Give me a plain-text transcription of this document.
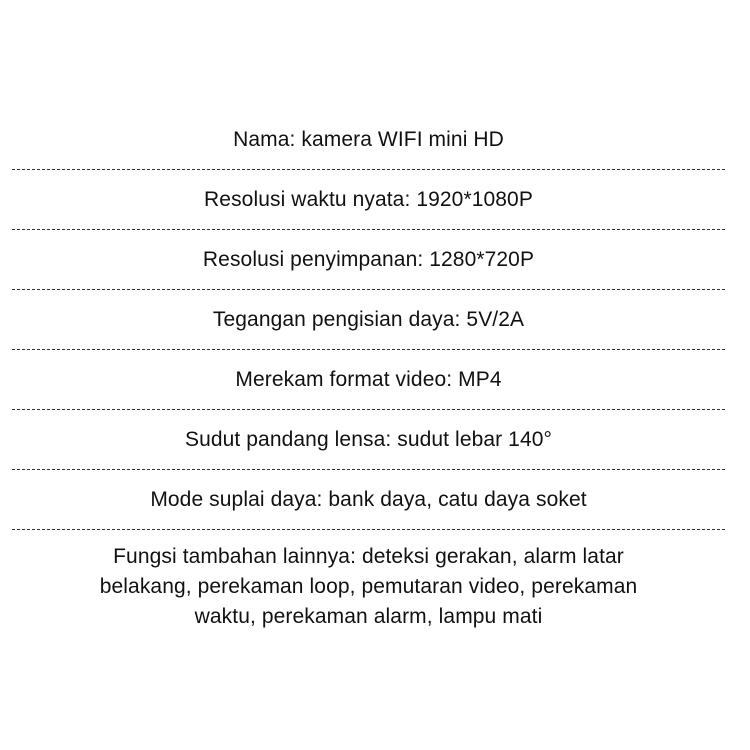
Nama: kamera WIFI mini HD
Resolusi waktu nyata: 1920*1080P
Resolusi penyimpanan: 1280*720P
Tegangan pengisian daya: 5V/2A
Merekam format video: MP4
Sudut pandang lensa: sudut lebar 140°
Mode suplai daya: bank daya, catu daya soket
Fungsi tambahan lainnya: deteksi gerakan, alarm latar
belakang, perekaman loop, pemutaran video, perekaman
waktu, perekaman alarm, lampu mati
